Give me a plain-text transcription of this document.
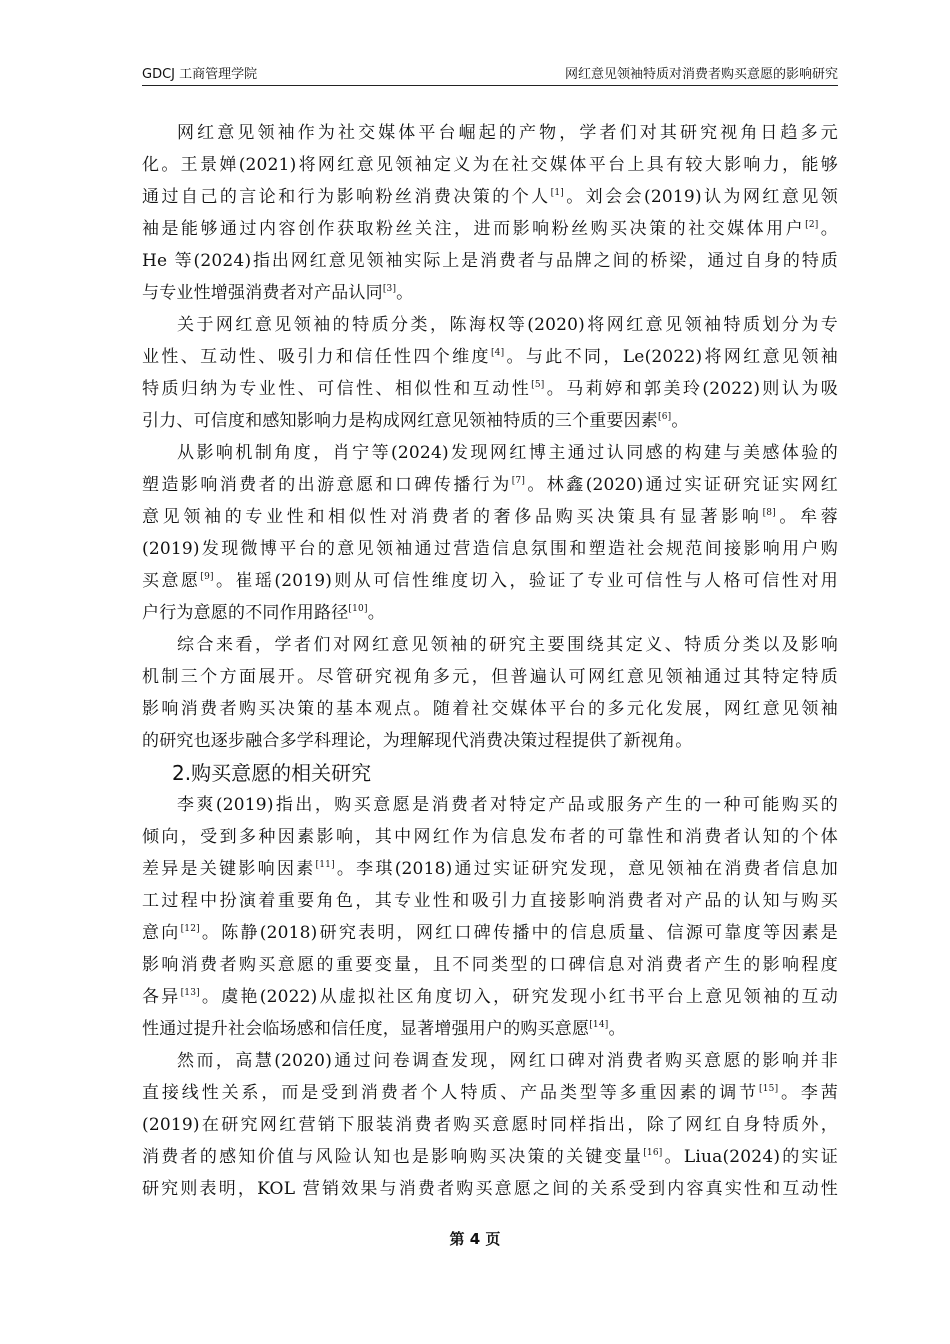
GDCJ 工商管理学院	网红意见领袖特质对消费者购买意愿的影响研究
网红意见领袖作为社交媒体平台崛起的产物，学者们对其研究视角日趋多元
化。王景婵(2021)将网红意见领袖定义为在社交媒体平台上具有较大影响力，能够
通过自己的言论和行为影响粉丝消费决策的个人[1]。刘会会(2019)认为网红意见领
袖是能够通过内容创作获取粉丝关注，进而影响粉丝购买决策的社交媒体用户[2]。
He 等(2024)指出网红意见领袖实际上是消费者与品牌之间的桥梁，通过自身的特质
与专业性增强消费者对产品认同[3]。
关于网红意见领袖的特质分类，陈海权等(2020)将网红意见领袖特质划分为专
业性、互动性、吸引力和信任性四个维度[4]。与此不同，Le(2022)将网红意见领袖
特质归纳为专业性、可信性、相似性和互动性[5]。马莉婷和郭美玲(2022)则认为吸
引力、可信度和感知影响力是构成网红意见领袖特质的三个重要因素[6]。
从影响机制角度，肖宁等(2024)发现网红博主通过认同感的构建与美感体验的
塑造影响消费者的出游意愿和口碑传播行为[7]。林鑫(2020)通过实证研究证实网红
意见领袖的专业性和相似性对消费者的奢侈品购买决策具有显著影响[8]。牟蓉
(2019)发现微博平台的意见领袖通过营造信息氛围和塑造社会规范间接影响用户购
买意愿[9]。崔瑶(2019)则从可信性维度切入，验证了专业可信性与人格可信性对用
户行为意愿的不同作用路径[10]。
综合来看，学者们对网红意见领袖的研究主要围绕其定义、特质分类以及影响
机制三个方面展开。尽管研究视角多元，但普遍认可网红意见领袖通过其特定特质
影响消费者购买决策的基本观点。随着社交媒体平台的多元化发展，网红意见领袖
的研究也逐步融合多学科理论，为理解现代消费决策过程提供了新视角。
2.购买意愿的相关研究
李爽(2019)指出，购买意愿是消费者对特定产品或服务产生的一种可能购买的
倾向，受到多种因素影响，其中网红作为信息发布者的可靠性和消费者认知的个体
差异是关键影响因素[11]。李琪(2018)通过实证研究发现，意见领袖在消费者信息加
工过程中扮演着重要角色，其专业性和吸引力直接影响消费者对产品的认知与购买
意向[12]。陈静(2018)研究表明，网红口碑传播中的信息质量、信源可靠度等因素是
影响消费者购买意愿的重要变量，且不同类型的口碑信息对消费者产生的影响程度
各异[13]。虞艳(2022)从虚拟社区角度切入，研究发现小红书平台上意见领袖的互动
性通过提升社会临场感和信任度，显著增强用户的购买意愿[14]。
然而，高慧(2020)通过问卷调查发现，网红口碑对消费者购买意愿的影响并非
直接线性关系，而是受到消费者个人特质、产品类型等多重因素的调节[15]。李茜
(2019)在研究网红营销下服装消费者购买意愿时同样指出，除了网红自身特质外，
消费者的感知价值与风险认知也是影响购买决策的关键变量[16]。Liua(2024)的实证
研究则表明，KOL 营销效果与消费者购买意愿之间的关系受到内容真实性和互动性
第 4 页
